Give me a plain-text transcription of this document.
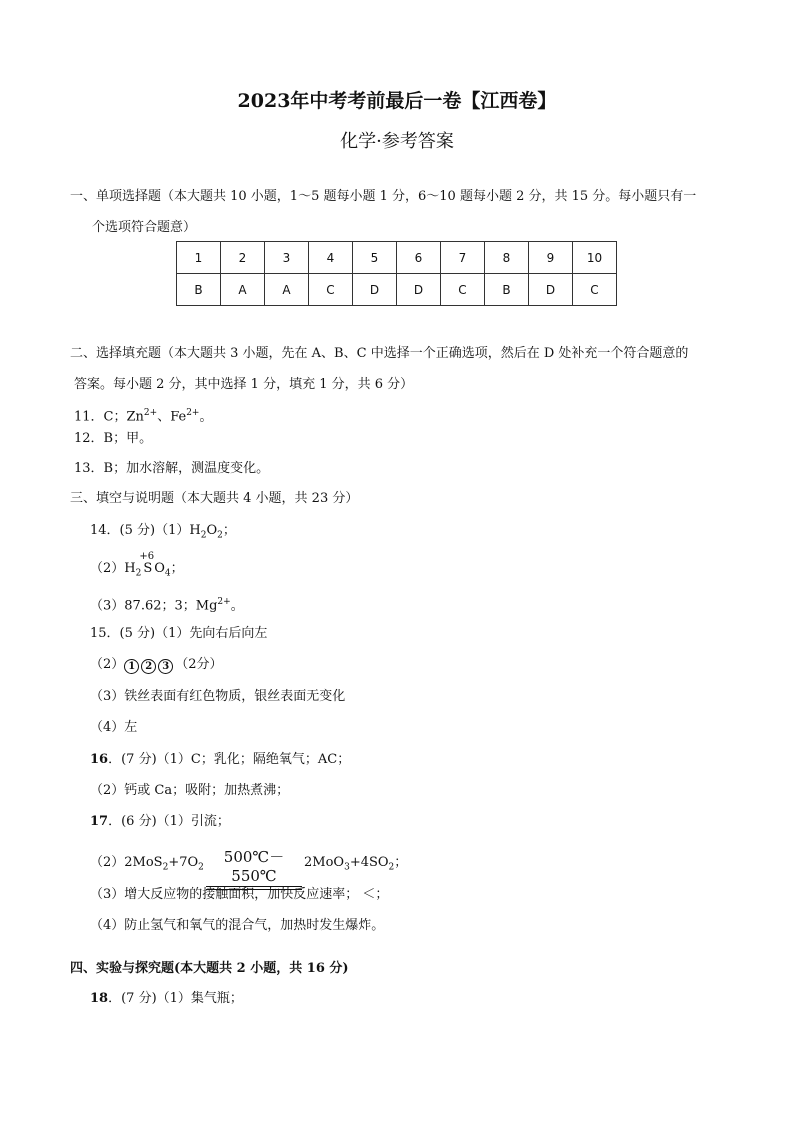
2023年中考考前最后一卷【江西卷】
化学·参考答案
一、单项选择题（本大题共 10 小题，1～5 题每小题 1 分，6～10 题每小题 2 分，共 15 分。每小题只有一
个选项符合题意）
1	2	3	4	5	6	7	8	9	10
B	A	A	C	D	D	C	B	D	C
二、选择填充题（本大题共 3 小题，先在 A、B、C 中选择一个正确选项，然后在 D 处补充一个符合题意的
答案。每小题 2 分，其中选择 1 分，填充 1 分，共 6 分）
11．C；$Zn^{2+}$、$Fe^{2+}$。
12．B；甲。
13．B；加水溶解，测温度变化。
三、填空与说明题（本大题共 4 小题，共 23 分）
14．(5 分)$(1)H_2O_2$；
$(2)H_2$
+6
S $O_4$；
（3）87.62；3；$Mg^{2+}$。
15．(5 分)（1）先向右后向左
（2） 1 2 3 （2分）
（3）铁丝表面有红色物质，银丝表面无变化
（4）左
16．(7 分)（1）C；乳化；隔绝氧气；AC；
（2）钙或 Ca；吸附；加热煮沸；
17．(6 分)（1）引流；
$(2)2MoS_2+7O_2$
500℃－550℃
$2MoO_3+4SO_2$；
（3）增大反应物的接触面积，加快反应速率； ＜；
（4）防止氢气和氧气的混合气，加热时发生爆炸。
四、实验与探究题(本大题共 2 小题，共 16 分)
18．(7 分)（1）集气瓶；
